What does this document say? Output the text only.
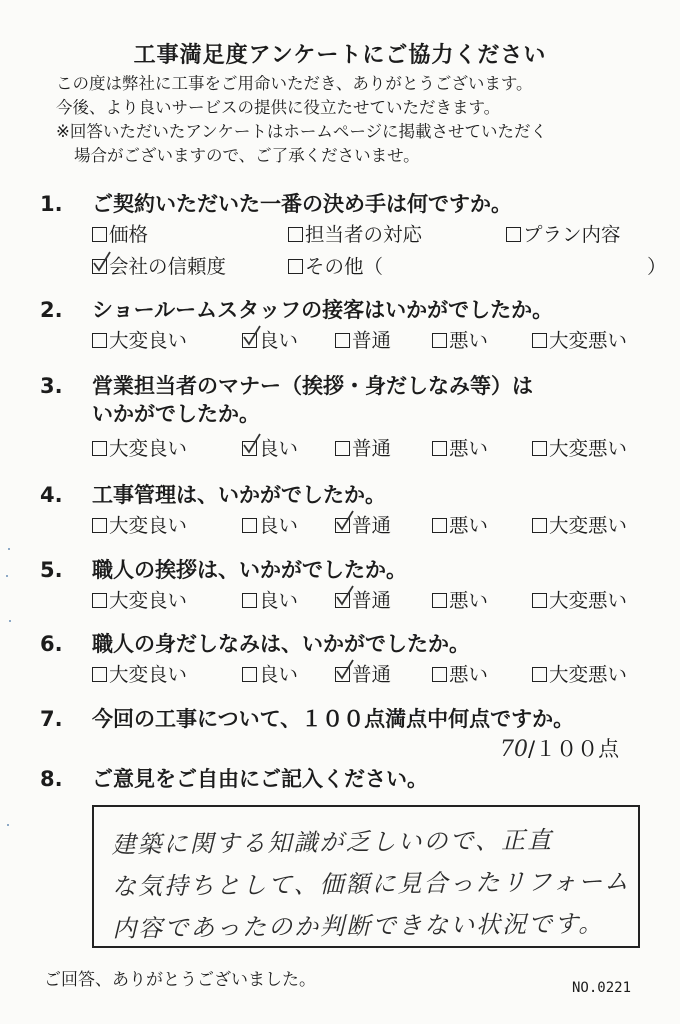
工事満足度アンケートにご協力ください
この度は弊社に工事をご用命いただき、ありがとうございます。
今後、より良いサービスの提供に役立たせていただきます。
※回答いただいたアンケートはホームページに掲載させていただく
場合がございますので、ご了承くださいませ。
1. ご契約いただいた一番の決め手は何ですか。
価格	担当者の対応	プラン内容
会社の信頼度	その他（	）
2. ショールームスタッフの接客はいかがでしたか。
大変良い	良い	普通	悪い	大変悪い
3. 営業担当者のマナー（挨拶・身だしなみ等）は
いかがでしたか。
大変良い	良い	普通	悪い	大変悪い
4. 工事管理は、いかがでしたか。
大変良い	良い	普通	悪い	大変悪い
5. 職人の挨拶は、いかがでしたか。
大変良い	良い	普通	悪い	大変悪い
6. 職人の身だしなみは、いかがでしたか。
大変良い	良い	普通	悪い	大変悪い
7. 今回の工事について、１００点満点中何点ですか。
70/１００点
8. ご意見をご自由にご記入ください。
建築に関する知識が乏しいので、正直
な気持ちとして、価額に見合ったリフォーム
内容であったのか判断できない状況です。
ご回答、ありがとうございました。	NO.0221
